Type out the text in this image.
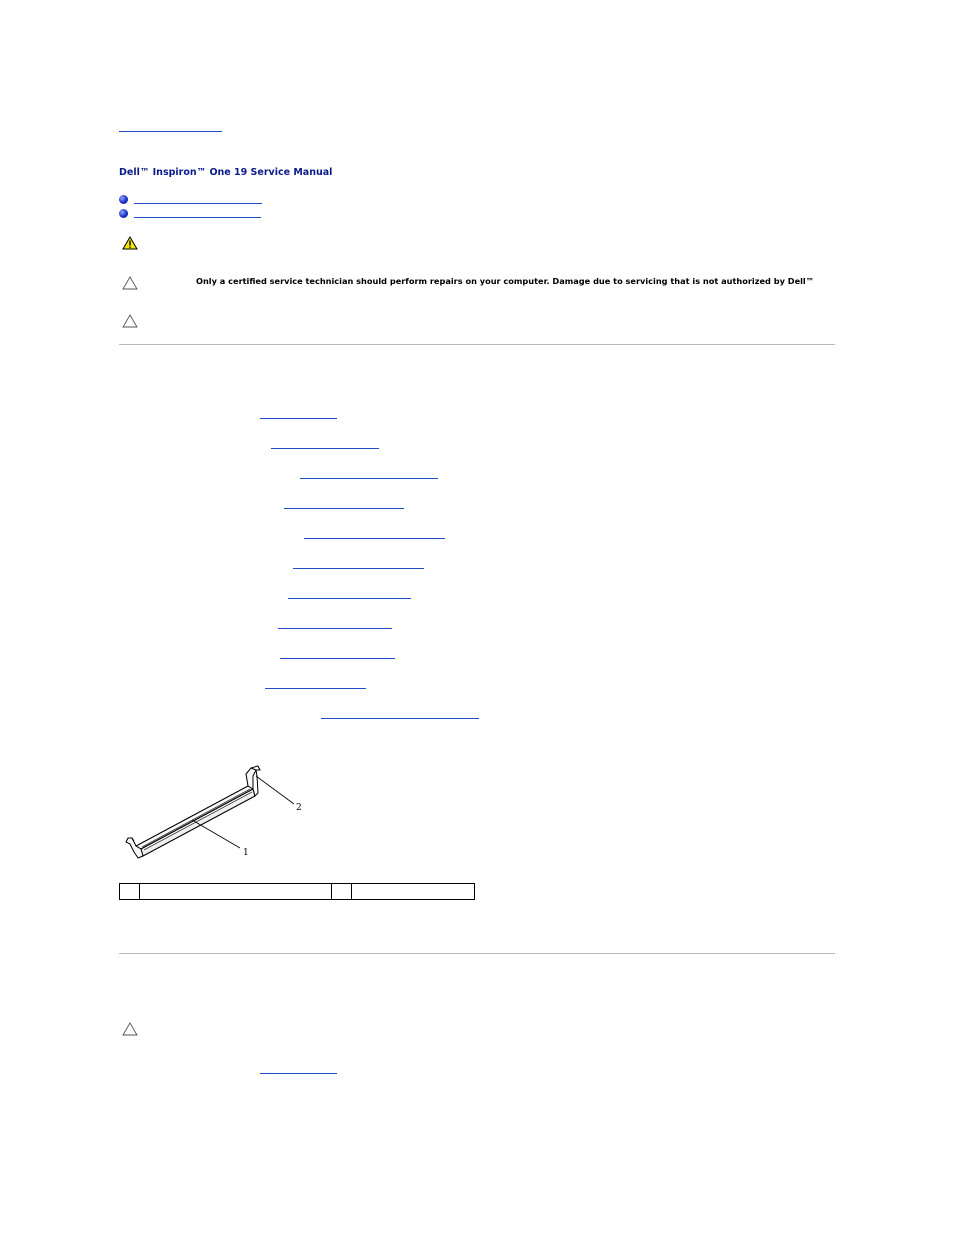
Dell™ Inspiron™ One 19 Service Manual
Only a certified service technician should perform repairs on your computer. Damage due to servicing that is not authorized by Dell™
2
1
